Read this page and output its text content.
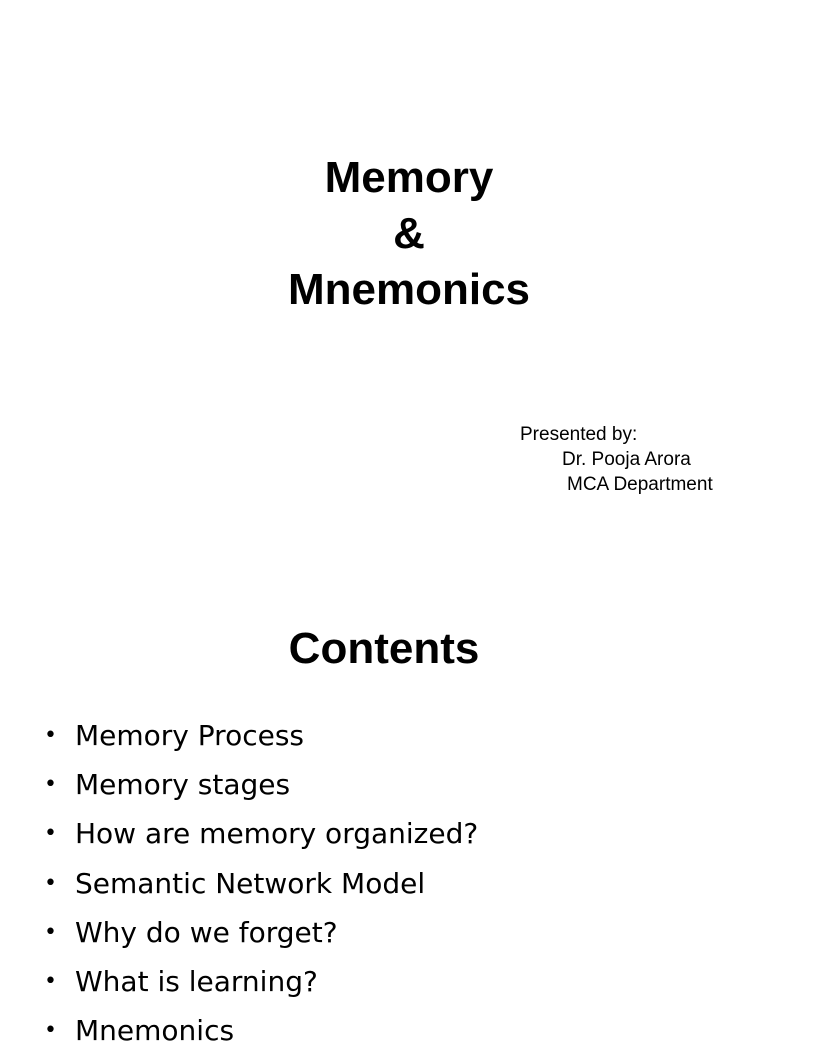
Memory
&
Mnemonics
Presented by:
Dr. Pooja Arora
MCA Department
Contents
• Memory Process
• Memory stages
• How are memory organized?
• Semantic Network Model
• Why do we forget?
• What is learning?
• Mnemonics
